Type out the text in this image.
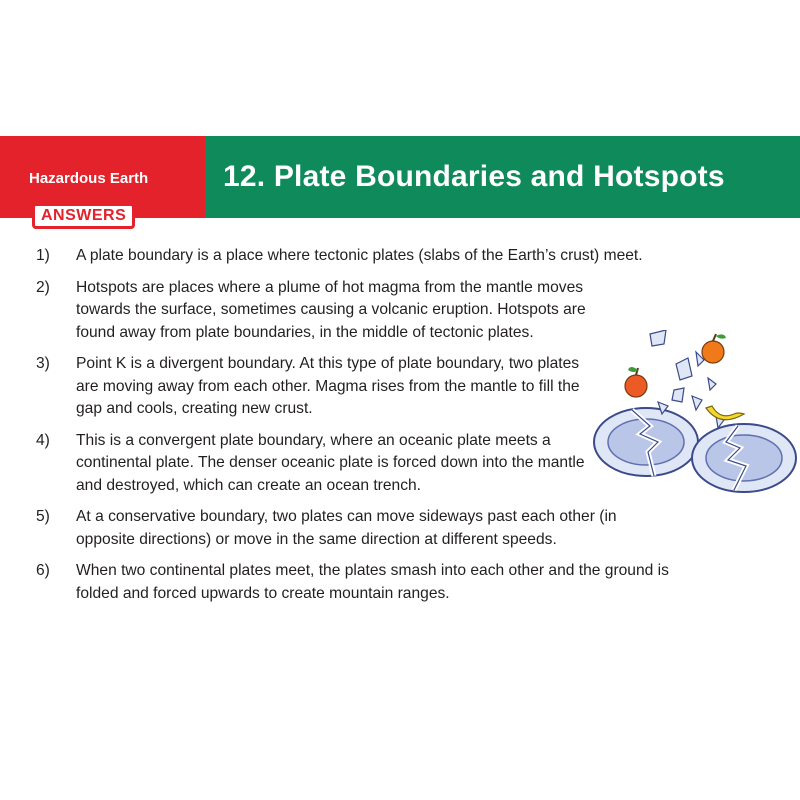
Hazardous Earth 12. Plate Boundaries and Hotspots
ANSWERS
1)	A plate boundary is a place where tectonic plates (slabs of the Earth’s crust) meet.
2)	Hotspots are places where a plume of hot magma from the mantle moves towards the surface, sometimes causing a volcanic eruption. Hotspots are found away from plate boundaries, in the middle of tectonic plates.
3)	Point K is a divergent boundary. At this type of plate boundary, two plates are moving away from each other. Magma rises from the mantle to fill the gap and cools, creating new crust.
4)	This is a convergent plate boundary, where an oceanic plate meets a continental plate. The denser oceanic plate is forced down into the mantle and destroyed, which can create an ocean trench.
5)	At a conservative boundary, two plates can move sideways past each other (in opposite directions) or move in the same direction at different speeds.
6)	When two continental plates meet, the plates smash into each other and the ground is folded and forced upwards to create mountain ranges.
